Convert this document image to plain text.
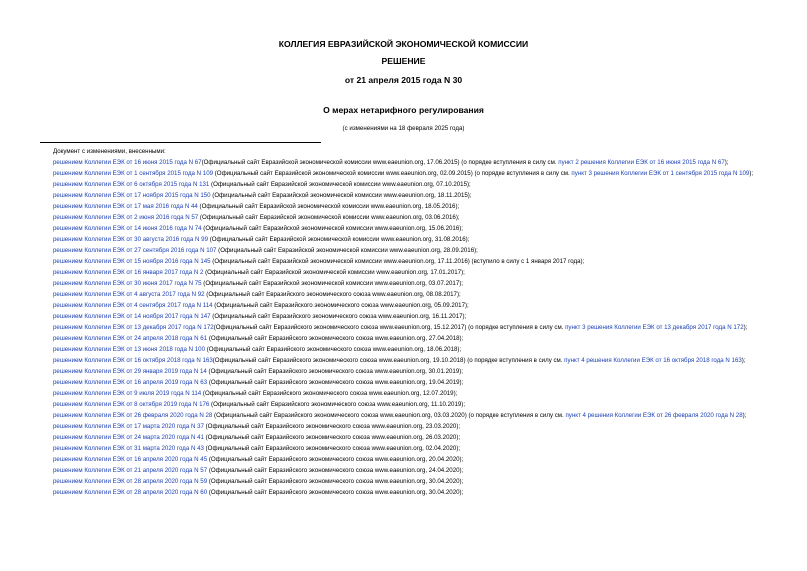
КОЛЛЕГИЯ ЕВРАЗИЙСКОЙ ЭКОНОМИЧЕСКОЙ КОМИССИИ
РЕШЕНИЕ
от 21 апреля 2015 года N 30
О мерах нетарифного регулирования
(с изменениями на 18 февраля 2025 года)

Документ с изменениями, внесенными:

решением Коллегии ЕЭК от 16 июня 2015 года N 67(Официальный сайт Евразийской экономической комиссии www.eaeunion.org, 17.06.2015) (о порядке вступления в силу см. пункт 2 решения Коллегии ЕЭК от 16 июня 2015 года N 67);

решением Коллегии ЕЭК от 1 сентября 2015 года N 109 (Официальный сайт Евразийской экономической комиссии www.eaeunion.org, 02.09.2015) (о порядке вступления в силу см. пункт 3 решения Коллегии ЕЭК от 1 сентября 2015 года N 109);

решением Коллегии ЕЭК от 6 октября 2015 года N 131 (Официальный сайт Евразийской экономической комиссии www.eaeunion.org, 07.10.2015);

решением Коллегии ЕЭК от 17 ноября 2015 года N 150 (Официальный сайт Евразийской экономической комиссии www.eaeunion.org, 18.11.2015);

решением Коллегии ЕЭК от 17 мая 2016 года N 44 (Официальный сайт Евразийской экономической комиссии www.eaeunion.org, 18.05.2016);

решением Коллегии ЕЭК от 2 июня 2016 года N 57 (Официальный сайт Евразийской экономической комиссии www.eaeunion.org, 03.06.2016);

решением Коллегии ЕЭК от 14 июня 2016 года N 74 (Официальный сайт Евразийской экономической комиссии www.eaeunion.org, 15.06.2016);

решением Коллегии ЕЭК от 30 августа 2016 года N 99 (Официальный сайт Евразийской экономической комиссии www.eaeunion.org, 31.08.2016);

решением Коллегии ЕЭК от 27 сентября 2016 года N 107 (Официальный сайт Евразийской экономической комиссии www.eaeunion.org, 28.09.2016);

решением Коллегии ЕЭК от 15 ноября 2016 года N 145 (Официальный сайт Евразийской экономической комиссии www.eaeunion.org, 17.11.2016) (вступило в силу с 1 января 2017 года);

решением Коллегии ЕЭК от 16 января 2017 года N 2 (Официальный сайт Евразийской экономической комиссии www.eaeunion.org, 17.01.2017);

решением Коллегии ЕЭК от 30 июня 2017 года N 75 (Официальный сайт Евразийской экономической комиссии www.eaeunion.org, 03.07.2017);

решением Коллегии ЕЭК от 4 августа 2017 года N 92 (Официальный сайт Евразийского экономического союза www.eaeunion.org, 08.08.2017);

решением Коллегии ЕЭК от 4 сентября 2017 года N 114 (Официальный сайт Евразийского экономического союза www.eaeunion.org, 05.09.2017);

решением Коллегии ЕЭК от 14 ноября 2017 года N 147 (Официальный сайт Евразийского экономического союза www.eaeunion.org, 16.11.2017);

решением Коллегии ЕЭК от 13 декабря 2017 года N 172(Официальный сайт Евразийского экономического союза www.eaeunion.org, 15.12.2017) (о порядке вступления в силу см. пункт 3 решения Коллегии ЕЭК от 13 декабря 2017 года N 172);

решением Коллегии ЕЭК от 24 апреля 2018 года N 61 (Официальный сайт Евразийского экономического союза www.eaeunion.org, 27.04.2018);

решением Коллегии ЕЭК от 13 июня 2018 года N 100 (Официальный сайт Евразийского экономического союза www.eaeunion.org, 18.06.2018);

решением Коллегии ЕЭК от 16 октября 2018 года N 163(Официальный сайт Евразийского экономического союза www.eaeunion.org, 19.10.2018) (о порядке вступления в силу см. пункт 4 решения Коллегии ЕЭК от 16 октября 2018 года N 163);

решением Коллегии ЕЭК от 29 января 2019 года N 14 (Официальный сайт Евразийского экономического союза www.eaeunion.org, 30.01.2019);

решением Коллегии ЕЭК от 16 апреля 2019 года N 63 (Официальный сайт Евразийского экономического союза www.eaeunion.org, 19.04.2019);

решением Коллегии ЕЭК от 9 июля 2019 года N 114 (Официальный сайт Евразийского экономического союза www.eaeunion.org, 12.07.2019);

решением Коллегии ЕЭК от 8 октября 2019 года N 176 (Официальный сайт Евразийского экономического союза www.eaeunion.org, 11.10.2019);

решением Коллегии ЕЭК от 26 февраля 2020 года N 28 (Официальный сайт Евразийского экономического союза www.eaeunion.org, 03.03.2020) (о порядке вступления в силу см. пункт 4 решения Коллегии ЕЭК от 26 февраля 2020 года N 28);

решением Коллегии ЕЭК от 17 марта 2020 года N 37 (Официальный сайт Евразийского экономического союза www.eaeunion.org, 23.03.2020);

решением Коллегии ЕЭК от 24 марта 2020 года N 41 (Официальный сайт Евразийского экономического союза www.eaeunion.org, 26.03.2020);

решением Коллегии ЕЭК от 31 марта 2020 года N 43 (Официальный сайт Евразийского экономического союза www.eaeunion.org, 02.04.2020);

решением Коллегии ЕЭК от 16 апреля 2020 года N 45 (Официальный сайт Евразийского экономического союза www.eaeunion.org, 20.04.2020);

решением Коллегии ЕЭК от 21 апреля 2020 года N 57 (Официальный сайт Евразийского экономического союза www.eaeunion.org, 24.04.2020);

решением Коллегии ЕЭК от 28 апреля 2020 года N 59 (Официальный сайт Евразийского экономического союза www.eaeunion.org, 30.04.2020);

решением Коллегии ЕЭК от 28 апреля 2020 года N 60 (Официальный сайт Евразийского экономического союза www.eaeunion.org, 30.04.2020);
